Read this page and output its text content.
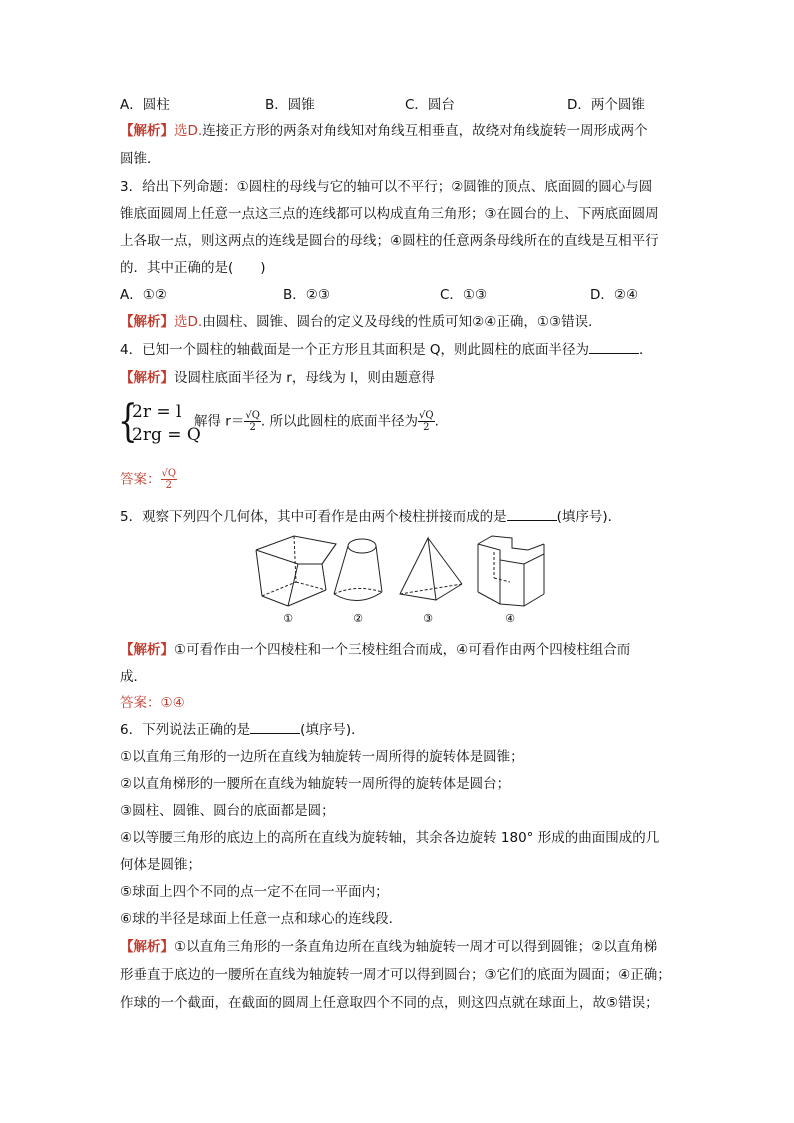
A．圆柱	B．圆锥	C．圆台	D．两个圆锥
【解析】选D.连接正方形的两条对角线知对角线互相垂直，故绕对角线旋转一周形成两个
圆锥．
3．给出下列命题：①圆柱的母线与它的轴可以不平行；②圆锥的顶点、底面圆的圆心与圆
锥底面圆周上任意一点这三点的连线都可以构成直角三角形；③在圆台的上、下两底面圆周
上各取一点，则这两点的连线是圆台的母线；④圆柱的任意两条母线所在的直线是互相平行
的．其中正确的是(　　)
A．①②	B．②③	C．①③	D．②④
【解析】选D.由圆柱、圆锥、圆台的定义及母线的性质可知②④正确，①③错误．
4．已知一个圆柱的轴截面是一个正方形且其面积是 Q，则此圆柱的底面半径为	．
【解析】设圆柱底面半径为 r，母线为 l，则由题意得
{
2r = l
2rg = Q
解得 $r= \frac{√Q}{2}$ . 所以此圆柱的底面半径为 $\frac{√Q}{2}$ .
答案： $\frac{√Q}{2}$
5．观察下列四个几何体，其中可看作是由两个棱柱拼接而成的是	(填序号)．
①	②	③	④
【解析】①可看作由一个四棱柱和一个三棱柱组合而成，④可看作由两个四棱柱组合而
成．
答案：①④
6．下列说法正确的是	(填序号)．
①以直角三角形的一边所在直线为轴旋转一周所得的旋转体是圆锥；
②以直角梯形的一腰所在直线为轴旋转一周所得的旋转体是圆台；
③圆柱、圆锥、圆台的底面都是圆；
④以等腰三角形的底边上的高所在直线为旋转轴，其余各边旋转 180° 形成的曲面围成的几
何体是圆锥；
⑤球面上四个不同的点一定不在同一平面内；
⑥球的半径是球面上任意一点和球心的连线段．
【解析】①以直角三角形的一条直角边所在直线为轴旋转一周才可以得到圆锥；②以直角梯
形垂直于底边的一腰所在直线为轴旋转一周才可以得到圆台；③它们的底面为圆面；④正确；
作球的一个截面，在截面的圆周上任意取四个不同的点，则这四点就在球面上，故⑤错误；
